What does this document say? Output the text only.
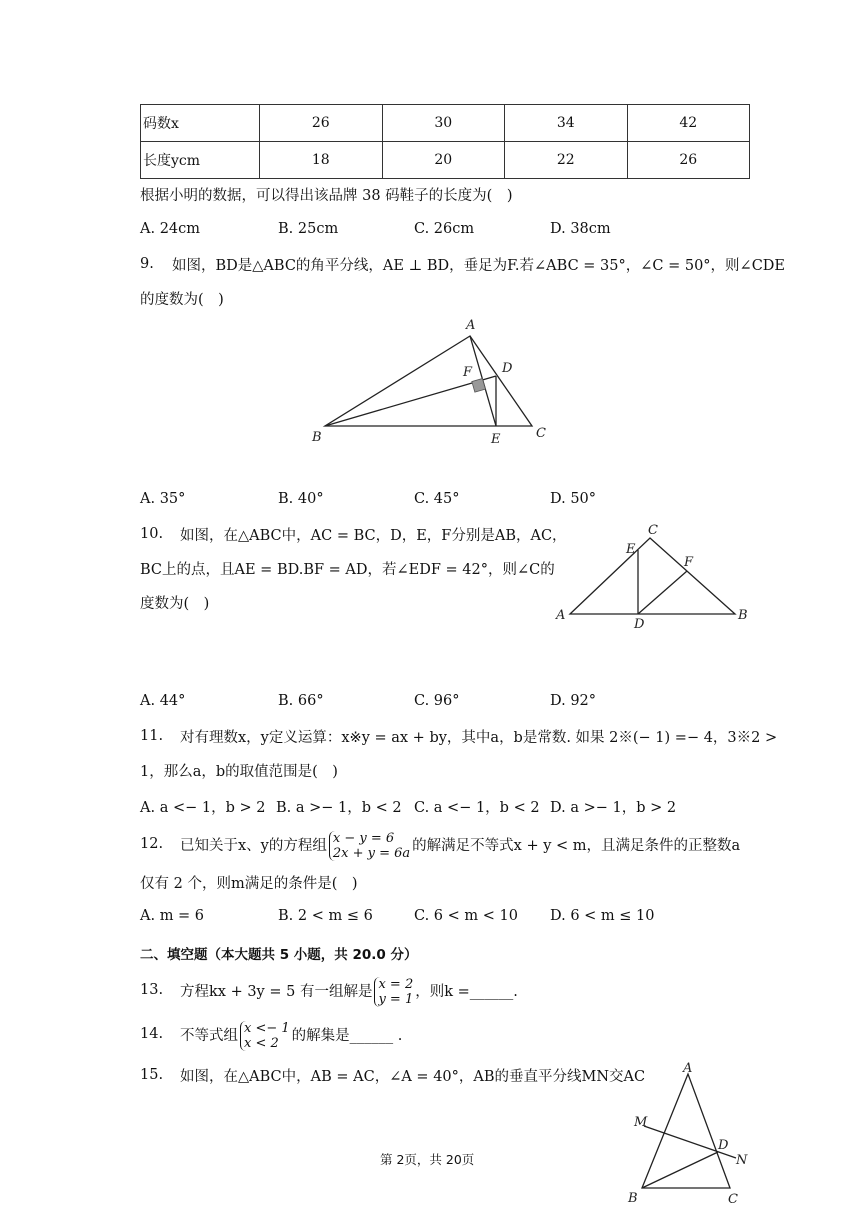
码数x	26	30	34	42
长度ycm	18	20	22	26
根据小明的数据，可以得出该品牌 38 码鞋子的长度为(　)
A. 24cm	B. 25cm	C. 26cm	D. 38cm
9. 如图，BD是△ABC的角平分线，AE ⊥ BD，垂足为F.若∠ABC = 35°，∠C = 50°，则∠CDE
的度数为(　)
A
B	C
D
E
F
A. 35°	B. 40°	C. 45°	D. 50°
10. 如图，在△ABC中，AC = BC，D，E，F分别是AB，AC，
BC上的点，且AE = BD.BF = AD，若∠EDF = 42°，则∠C的
度数为(　)
A	B
C
D
E
F
A. 44°	B. 66°	C. 96°	D. 92°
11. 对有理数x，y定义运算：x※y = ax + by，其中a，b是常数. 如果 2※(− 1) =− 4，3※2 >
1，那么a，b的取值范围是(　)
A. a <− 1，b > 2 B. a >− 1，b < 2 C. a <− 1，b < 2 D. a >− 1，b > 2
12. 已知关于x、y的方程组 x − y = 6
2x + y = 6a 的解满足不等式x + y < m，且满足条件的正整数a
仅有 2 个，则m满足的条件是(　)
A. m = 6	B. 2 < m ≤ 6	C. 6 < m < 10 D. 6 < m ≤ 10
二、填空题（本大题共 5 小题，共 20.0 分）
13. 方程kx + 3y = 5 有一组解是 x = 2
y = 1 ，则k =______.
14. 不等式组 x <− 1
x < 2 的解集是______ .
15. 如图，在△ABC中，AB = AC，∠A = 40°，AB的垂直平分线MN交AC
A
B	C
D
M
N
第 2页，共 20页
